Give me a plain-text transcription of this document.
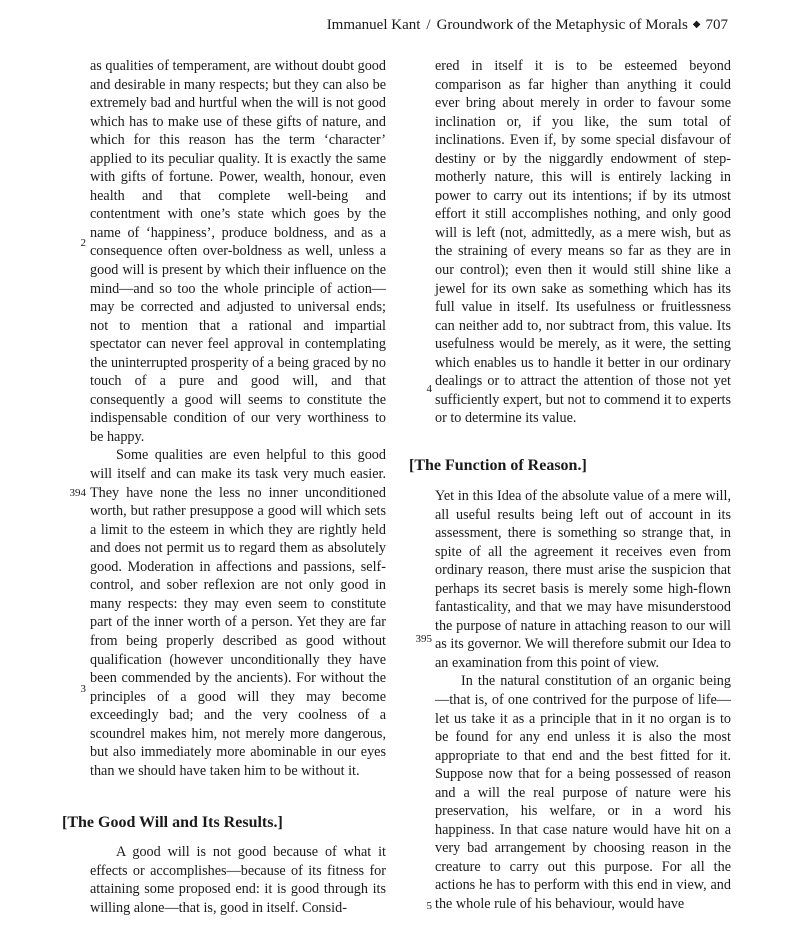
Immanuel Kant / Groundwork of the Metaphysic of Morals ◆ 707

as qualities of temperament, are without doubt good and desirable in many respects; but they can also be extremely bad and hurtful when the will is not good which has to make use of these gifts of nature, and which for this reason has the term ‘character’ applied to its peculiar quality. It is exactly the same with gifts of fortune. Power, wealth, honour, even health and that complete well-being and contentment with one’s state which goes by the name of ‘happiness’, produce boldness, and as a consequence often over-boldness as well, unless a good will is present by which their influence on the mind—and so too the whole principle of action—may be corrected and adjusted to universal ends; not to mention that a rational and impartial spectator can never feel approval in contemplating the uninterrupted prosperity of a being graced by no touch of a pure and good will, and that consequently a good will seems to constitute the indispensable condition of our very worthiness to be happy.

Some qualities are even helpful to this good will itself and can make its task very much easier. They have none the less no inner unconditioned worth, but rather presuppose a good will which sets a limit to the esteem in which they are rightly held and does not permit us to regard them as absolutely good. Moderation in affections and passions, self-control, and sober reflexion are not only good in many respects: they may even seem to constitute part of the inner worth of a person. Yet they are far from being properly described as good without qualification (however unconditionally they have been commended by the ancients). For without the principles of a good will they may become exceedingly bad; and the very coolness of a scoundrel makes him, not merely more dangerous, but also immediately more abominable in our eyes than we should have taken him to be without it.

[The Good Will and Its Results.]

A good will is not good because of what it effects or accomplishes—because of its fitness for attaining some proposed end: it is good through its willing alone—that is, good in itself. Consid-

ered in itself it is to be esteemed beyond comparison as far higher than anything it could ever bring about merely in order to favour some inclination or, if you like, the sum total of inclinations. Even if, by some special disfavour of destiny or by the niggardly endowment of step-motherly nature, this will is entirely lacking in power to carry out its intentions; if by its utmost effort it still accomplishes nothing, and only good will is left (not, admittedly, as a mere wish, but as the straining of every means so far as they are in our control); even then it would still shine like a jewel for its own sake as something which has its full value in itself. Its usefulness or fruitlessness can neither add to, nor subtract from, this value. Its usefulness would be merely, as it were, the setting which enables us to handle it better in our ordinary dealings or to attract the attention of those not yet sufficiently expert, but not to commend it to experts or to determine its value.

[The Function of Reason.]

Yet in this Idea of the absolute value of a mere will, all useful results being left out of account in its assessment, there is something so strange that, in spite of all the agreement it receives even from ordinary reason, there must arise the suspicion that perhaps its secret basis is merely some high-flown fantasticality, and that we may have misunderstood the purpose of nature in attaching reason to our will as its governor. We will therefore submit our Idea to an examination from this point of view.

In the natural constitution of an organic being—that is, of one contrived for the purpose of life—let us take it as a principle that in it no organ is to be found for any end unless it is also the most appropriate to that end and the best fitted for it. Suppose now that for a being possessed of reason and a will the real purpose of nature were his preservation, his welfare, or in a word his happiness. In that case nature would have hit on a very bad arrangement by choosing reason in the creature to carry out this purpose. For all the actions he has to perform with this end in view, and the whole rule of his behaviour, would have

2
394
3
4
395
5
